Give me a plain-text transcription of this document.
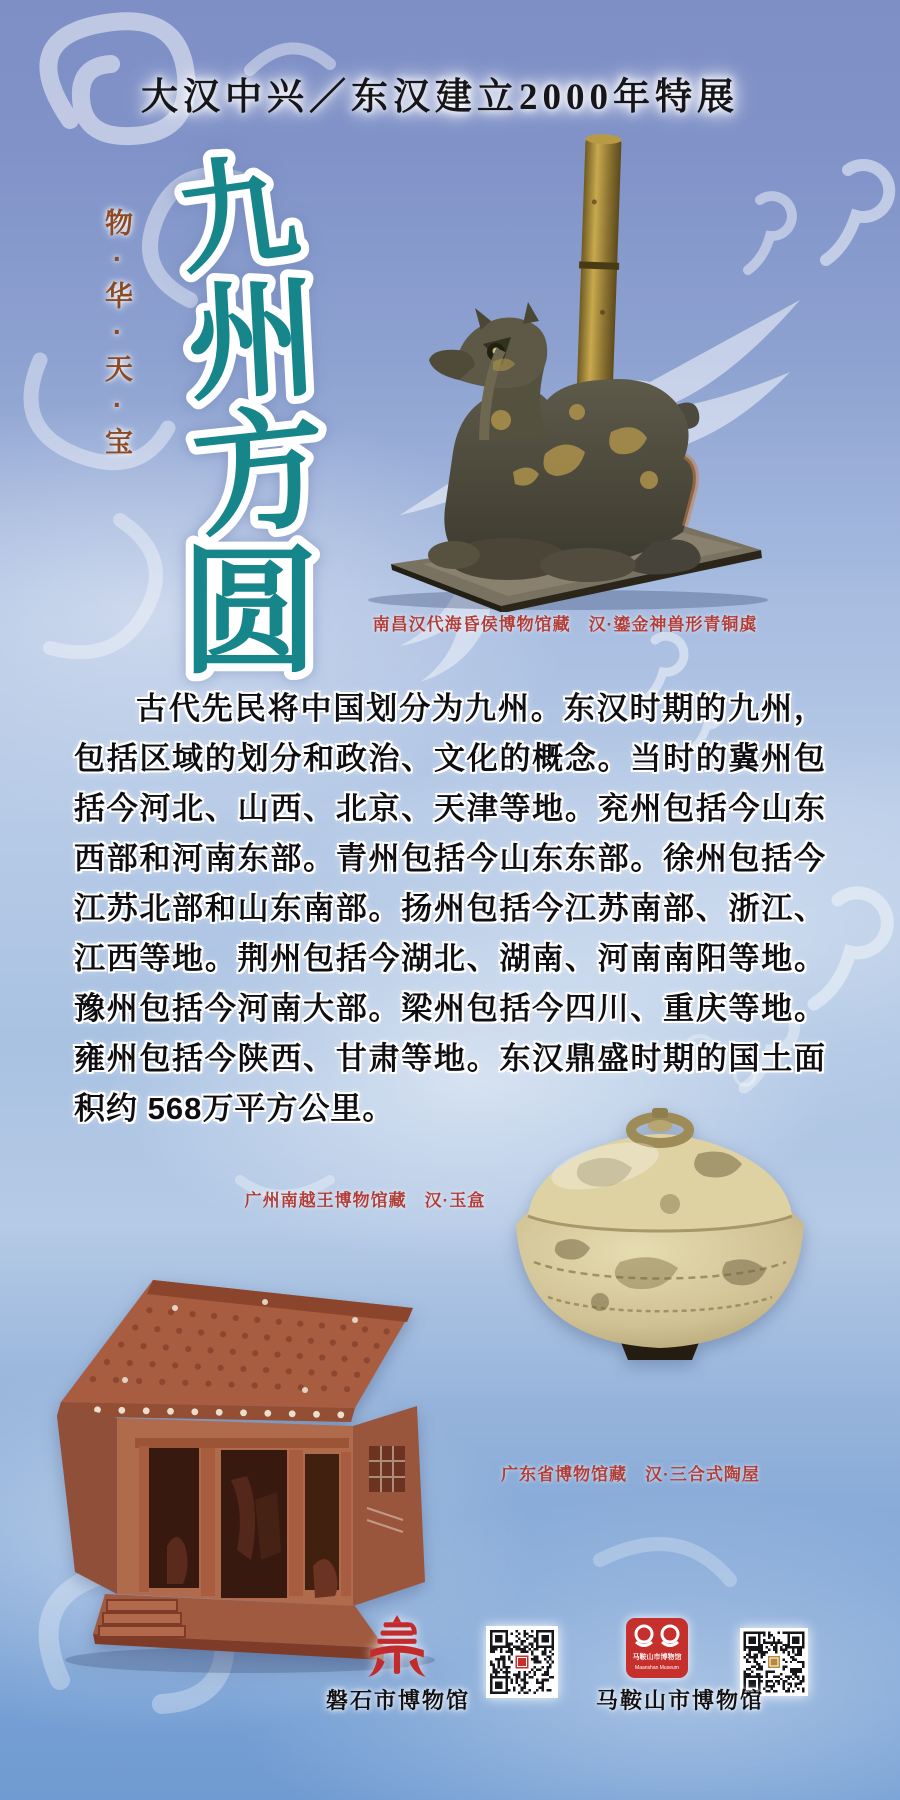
大汉中兴／东汉建立2000年特展
物·华·天·宝 九
州
方
圆	南昌汉代海昏侯博物馆藏　汉·鎏金神兽形青铜虡

古代先民将中国划分为九州。东汉时期的九州，包括区域的划分和政治、文化的概念。当时的冀州包括今河北、山西、北京、天津等地。兖州包括今山东西部和河南东部。青州包括今山东东部。徐州包括今江苏北部和山东南部。扬州包括今江苏南部、浙江、江西等地。荆州包括今湖北、湖南、河南南阳等地。豫州包括今河南大部。梁州包括今四川、重庆等地。雍州包括今陕西、甘肃等地。东汉鼎盛时期的国土面积约 568万平方公里。

广州南越王博物馆藏　汉·玉盒
广东省博物馆藏　汉·三合式陶屋
马鞍山市博物馆
Maanshan Museum
磐石市博物馆	马鞍山市博物馆
